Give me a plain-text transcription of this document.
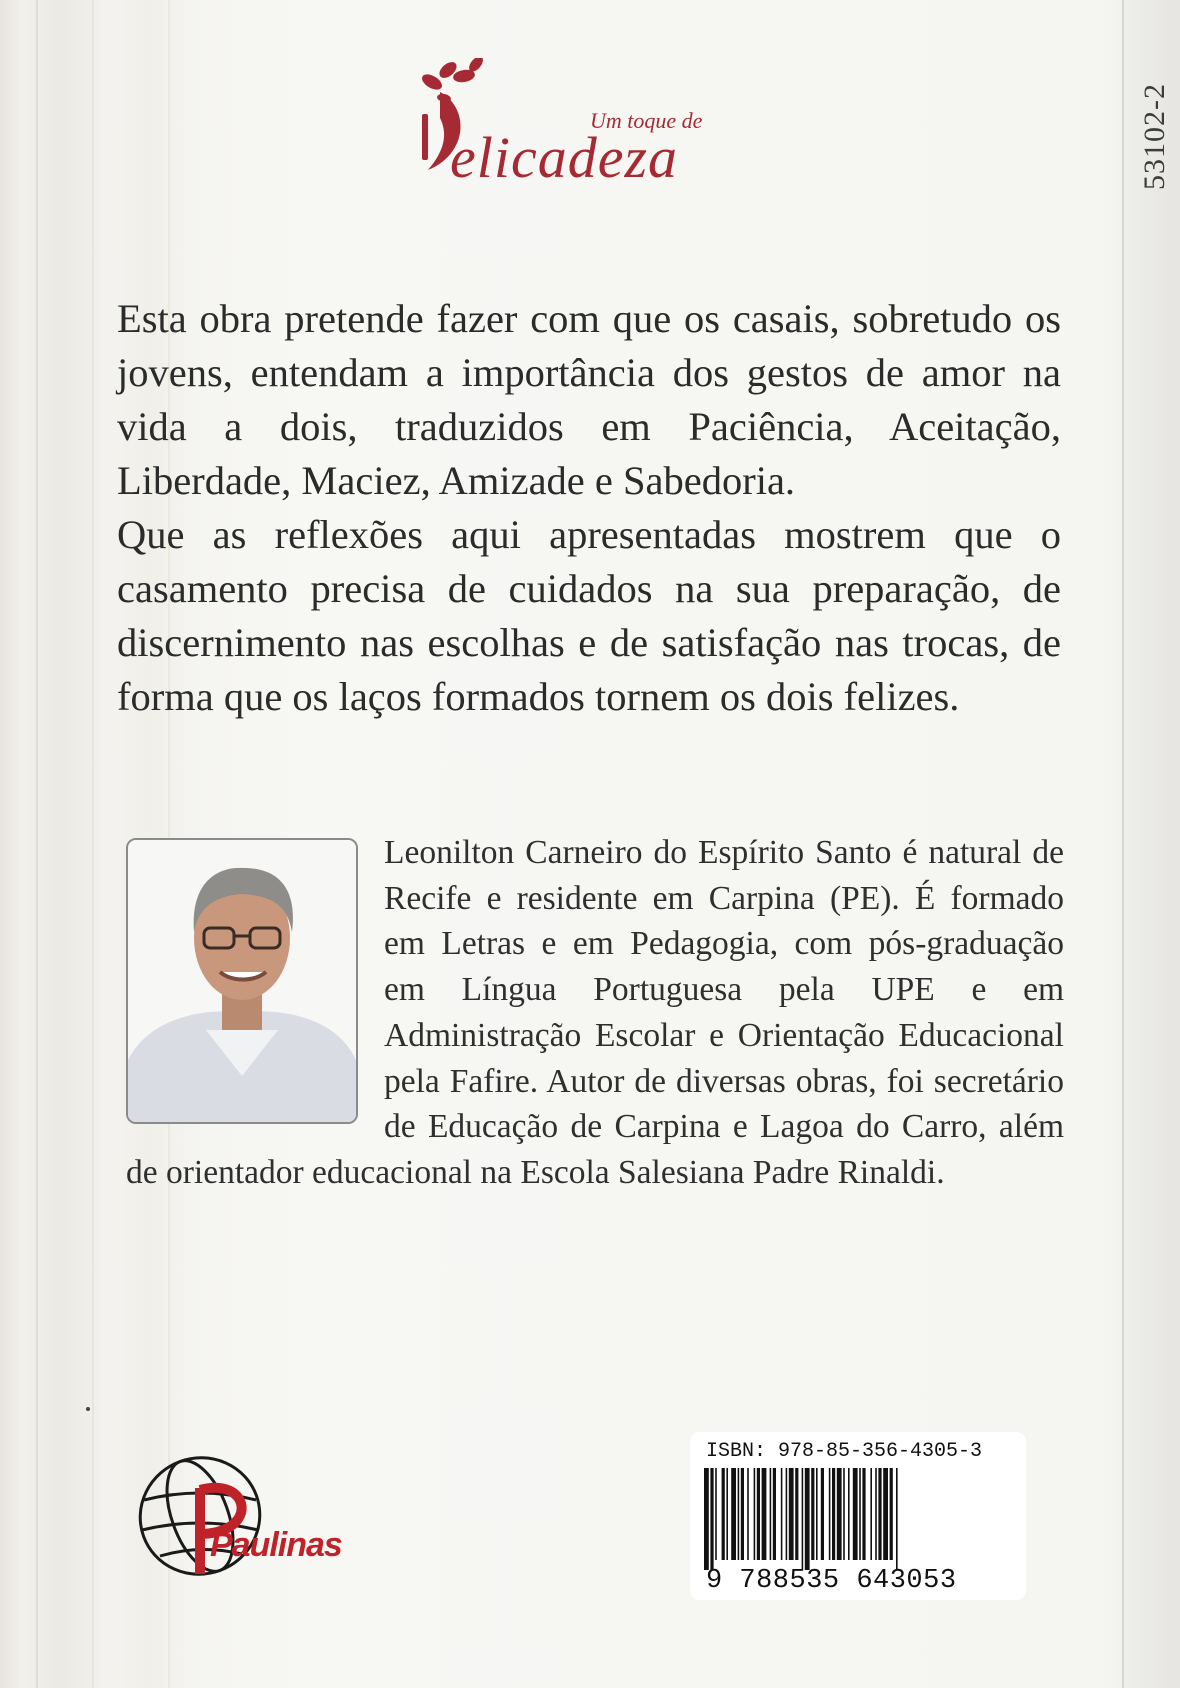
53102-2
Um toque de
elicadeza

Esta obra pretende fazer com que os casais, sobretudo os jovens, entendam a importância dos gestos de amor na vida a dois, traduzidos em Paciência, Aceitação, Liberdade, Maciez, Amizade e Sabedoria.

Que as reflexões aqui apresentadas mostrem que o casamento precisa de cuidados na sua preparação, de discernimento nas escolhas e de satisfação nas trocas, de forma que os laços formados tornem os dois felizes.

Leonilton Carneiro do Espírito Santo é natural de Recife e residente em Carpina (PE). É formado em Letras e em Pedagogia, com pós-graduação em Língua Portuguesa pela UPE e em Administração Escolar e Orientação Educacional pela Fafire. Autor de diversas obras, foi secretário de Educação de Carpina e Lagoa do Carro, além de orientador educacional na Escola Salesiana Padre Rinaldi.

Paulinas
ISBN: 978-85-356-4305-3
9 788535 643053
